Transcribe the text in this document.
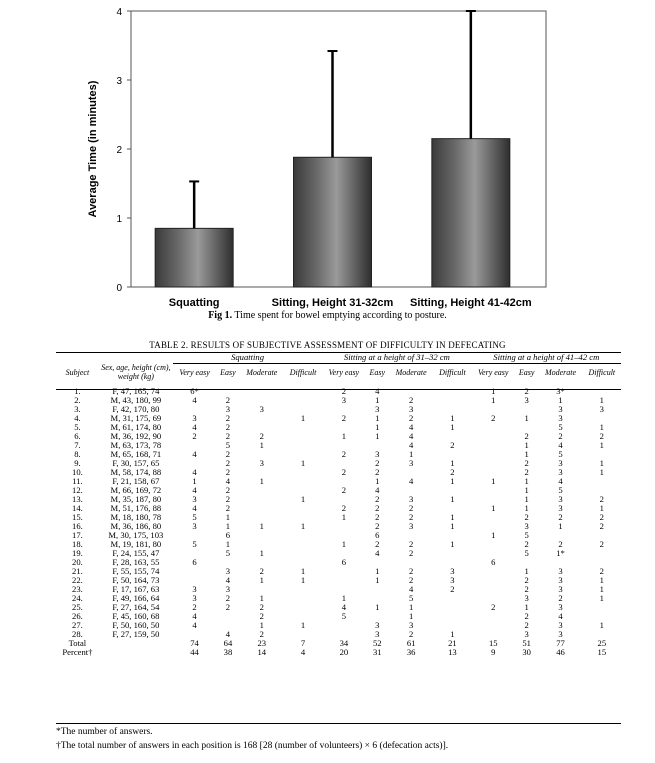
0
1
2
3
4
Squatting	Sitting, Height 31-32cm Sitting, Height 41-42cm
Average Time (in minutes)
Fig 1. Time spent for bowel emptying according to posture.
TABLE 2. RESULTS OF SUBJECTIVE ASSESSMENT OF DIFFICULTY IN DEFECATING
		Squatting				Sitting at a height of 31–32 cm				Sitting at a height of 41–42 cm			
Subject	Sex, age, height (cm), weight (kg)	Very easy	Easy	Moderate	Difficult	Very easy	Easy	Moderate	Difficult	Very easy	Easy	Moderate	Difficult

1.	F, 47, 165, 74	6*				2	4			1	2	3*	
2.	M, 43, 180, 99	4	2			3	1	2		1	3	1	1
3.	F, 42, 170, 80		3	3			3	3				3	3
4.	M, 31, 175, 69	3	2		1	2	1	2	1	2	1	3	
5.	M, 61, 174, 80	4	2				1	4	1			5	1
6.	M, 36, 192, 90	2	2	2		1	1	4			2	2	2
7.	M, 63, 173, 78		5	1				4	2		1	4	1
8.	M, 65, 168, 71	4	2			2	3	1			1	5	
9.	F, 30, 157, 65		2	3	1		2	3	1		2	3	1
10.	M, 58, 174, 88	4	2			2	2		2		2	3	1
11.	F, 21, 158, 67	1	4	1			1	4	1	1	1	4	
12.	M, 66, 169, 72	4	2			2	4				1	5	
13.	M, 35, 187, 80	3	2		1		2	3	1		1	3	2
14.	M, 51, 176, 88	4	2			2	2	2		1	1	3	1
15.	M, 18, 180, 78	5	1			1	2	2	1		2	2	2
16.	M, 36, 186, 80	3	1	1	1		2	3	1		3	1	2
17.	M, 30, 175, 103		6				6			1	5		
18.	M, 19, 181, 80	5	1			1	2	2	1		2	2	2
19.	F, 24, 155, 47		5	1			4	2			5	1*	
20.	F, 28, 163, 55	6				6				6			
21.	F, 55, 155, 74		3	2	1		1	2	3		1	3	2
22.	F, 50, 164, 73		4	1	1		1	2	3		2	3	1
23.	F, 17, 167, 63	3	3					4	2		2	3	1
24.	F, 49, 166, 64	3	2	1		1		5			3	2	1
25.	F, 27, 164, 54	2	2	2		4	1	1		2	1	3	
26.	F, 45, 160, 68	4		2		5		1			2	4	
27.	F, 50, 160, 50	4		1	1		3	3			2	3	1
28.	F, 27, 159, 50		4	2			3	2	1		3	3	
Total		74	64	23	7	34	52	61	21	15	51	77	25
Percent†		44	38	14	4	20	31	36	13	9	30	46	15
*The number of answers.
†The total number of answers in each position is 168 [28 (number of volunteers) × 6 (defecation acts)].
